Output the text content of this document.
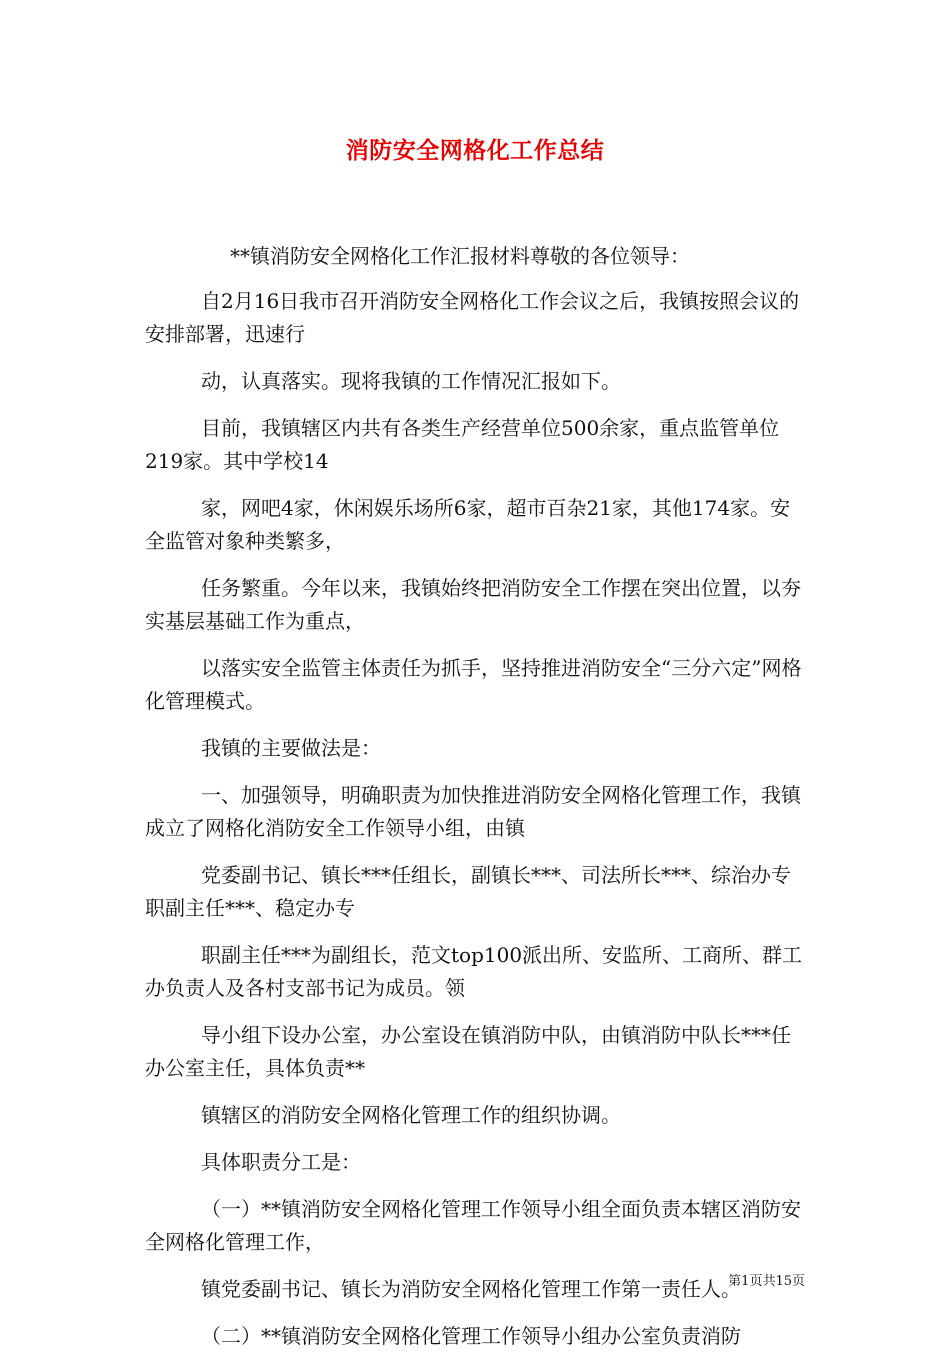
消防安全网格化工作总结

**镇消防安全网格化工作汇报材料尊敬的各位领导：

自2月16日我市召开消防安全网格化工作会议之后，我镇按照会议的安排部署，迅速行

动，认真落实。现将我镇的工作情况汇报如下。

目前，我镇辖区内共有各类生产经营单位500余家，重点监管单位219家。其中学校14

家，网吧4家，休闲娱乐场所6家，超市百杂21家，其他174家。安全监管对象种类繁多，

任务繁重。今年以来，我镇始终把消防安全工作摆在突出位置，以夯实基层基础工作为重点，

以落实安全监管主体责任为抓手，坚持推进消防安全“三分六定”网格化管理模式。

我镇的主要做法是：

一、加强领导，明确职责为加快推进消防安全网格化管理工作，我镇成立了网格化消防安全工作领导小组，由镇

党委副书记、镇长***任组长，副镇长***、司法所长***、综治办专职副主任***、稳定办专

职副主任***为副组长，范文top100派出所、安监所、工商所、群工办负责人及各村支部书记为成员。领

导小组下设办公室，办公室设在镇消防中队，由镇消防中队长***任办公室主任，具体负责**

镇辖区的消防安全网格化管理工作的组织协调。

具体职责分工是：

（一）**镇消防安全网格化管理工作领导小组全面负责本辖区消防安全网格化管理工作，

镇党委副书记、镇长为消防安全网格化管理工作第一责任人。

（二）**镇消防安全网格化管理工作领导小组办公室负责消防

第1页共15页
